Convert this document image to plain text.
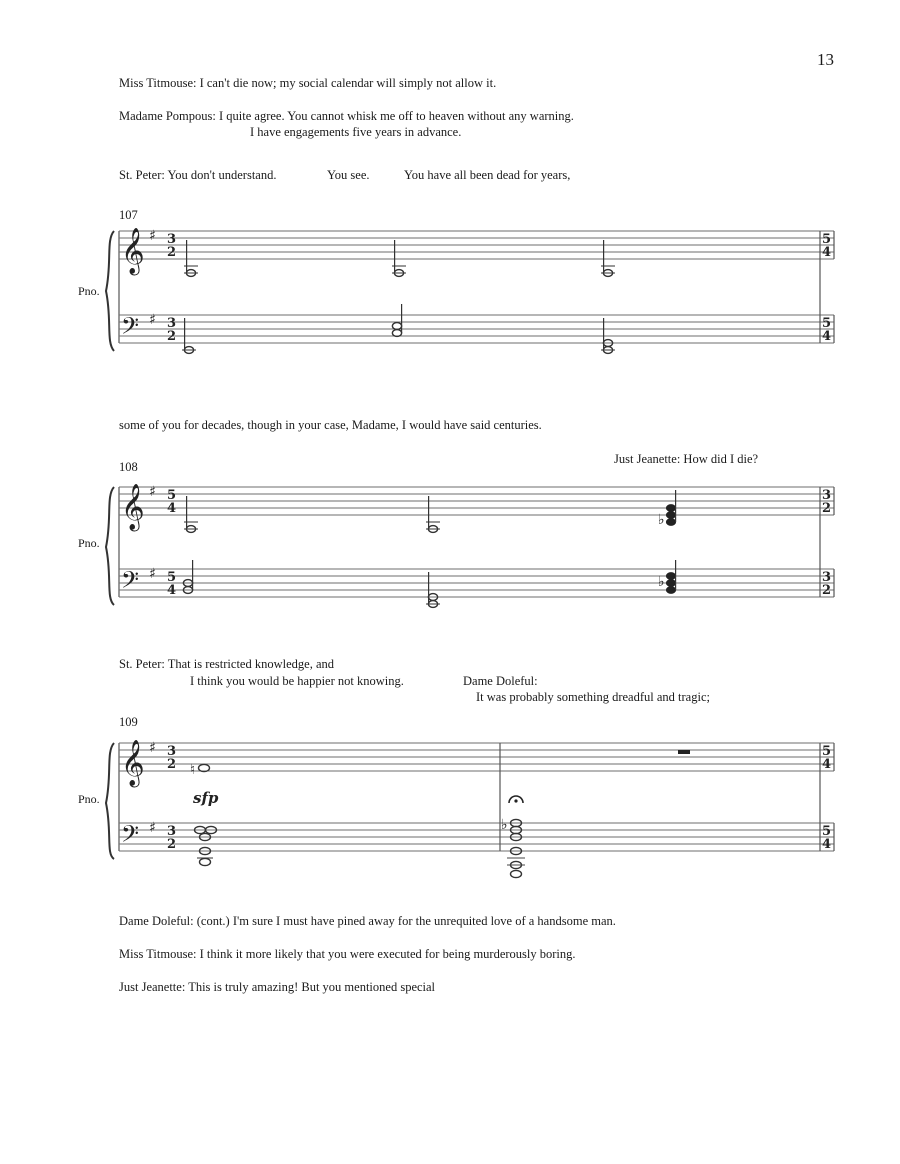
13
Miss Titmouse: I can't die now; my social calendar will simply not allow it.
Madame Pompous: I quite agree. You cannot whisk me off to heaven without any warning.
I have engagements five years in advance.
St. Peter: You don't understand.	You see.	You have all been dead for years,
some of you for decades, though in your case, Madame, I would have said centuries.
Just Jeanette: How did I die?
St. Peter: That is restricted knowledge, and
I think you would be happier not knowing.	Dame Doleful:
It was probably something dreadful and tragic;
Dame Doleful: (cont.) I'm sure I must have pined away for the unrequited love of a handsome man.
Miss Titmouse: I think it more likely that you were executed for being murderously boring.
Just Jeanette: This is truly amazing! But you mentioned special
107
Pno.
𝄞
𝄢
♯
♯
3
2
3
2
5
4
5
4
108
Pno.
𝄞
𝄢
♯
♯
5
4
5
4
♭
♭
3
2
3
2
109
Pno.
𝄞
𝄢
♯
♯
3
2
3
2
♮
sfp
♭
5
4
5
4
